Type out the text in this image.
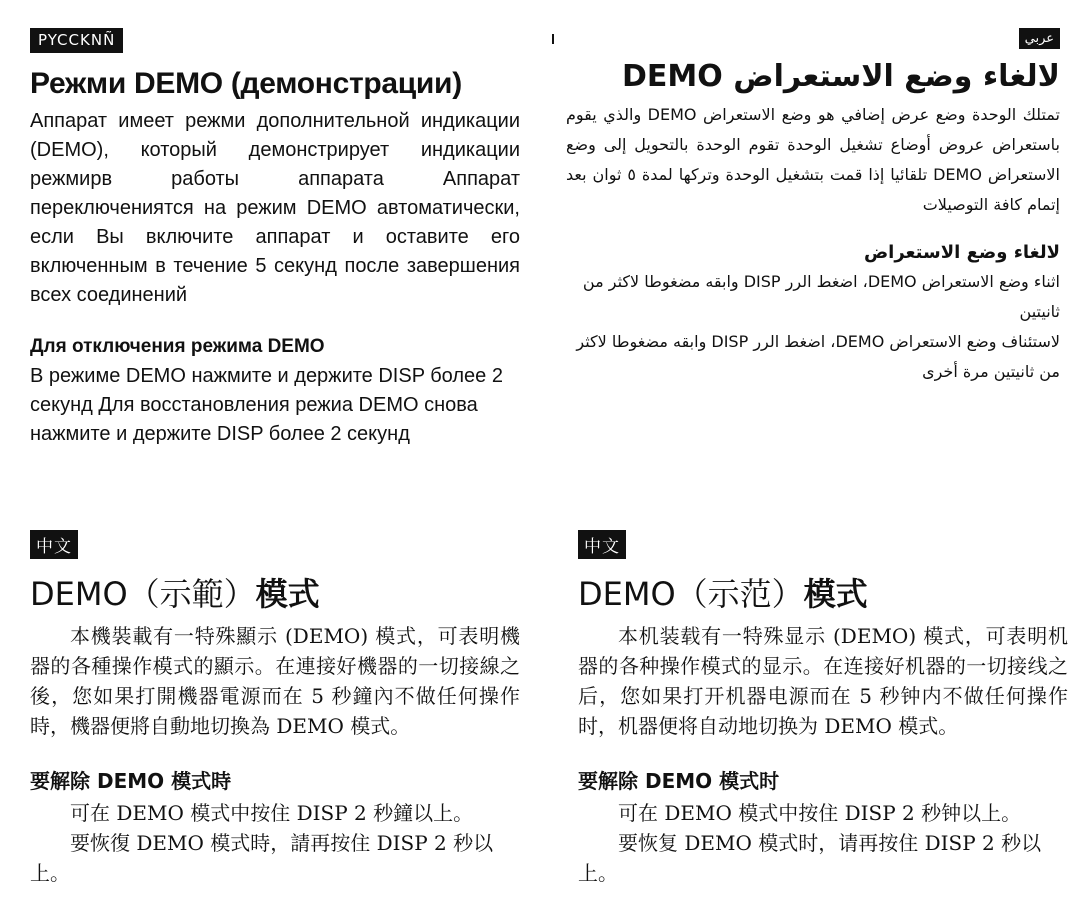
PYCCKNÑ
Режми DEMO (демонстрации)

Аппарат имеет режми дополнительной индикации (DEMO), который демонстрирует индикации режмирв работы аппарата Аппарат переключениятся на режим DEMO автоматически, если Вы включите аппарат и оставите его включенным в течение 5 секунд после завершения всех соединений

Для отключения режима DEMO

В режиме DEMO нажмите и держите DISP более 2 секунд Для восстановления режиа DEMO снова нажмите и держите DISP более 2 секунд

عربي
لالغاء وضع الاستعراض DEMO

تمتلك الوحدة وضع عرض إضافي هو وضع الاستعراض DEMO والذي يقوم باستعراض عروض أوضاع تشغيل الوحدة تقوم الوحدة بالتحويل إلى وضع الاستعراض DEMO تلقائيا إذا قمت بتشغيل الوحدة وتركها لمدة ٥ ثوان بعد إتمام كافة التوصيلات

لالغاء وضع الاستعراض

اثناء وضع الاستعراض DEMO، اضغط الرر DISP وابقه مضغوطا لاكثر من ثانيتين

لاستئناف وضع الاستعراض DEMO، اضغط الرر DISP وابقه مضغوطا لاكثر من ثانيتين مرة أخرى

中文
DEMO（示範）模式

本機裝載有一特殊顯示 (DEMO) 模式，可表明機器的各種操作模式的顯示。在連接好機器的一切接線之後，您如果打開機器電源而在 5 秒鐘內不做任何操作時，機器便將自動地切換為 DEMO 模式。

要解除 DEMO 模式時

可在 DEMO 模式中按住 DISP 2 秒鐘以上。

要恢復 DEMO 模式時，請再按住 DISP 2 秒以上。

中文
DEMO（示范）模式

本机装载有一特殊显示 (DEMO) 模式，可表明机器的各种操作模式的显示。在连接好机器的一切接线之后，您如果打开机器电源而在 5 秒钟内不做任何操作时，机器便将自动地切换为 DEMO 模式。

要解除 DEMO 模式时

可在 DEMO 模式中按住 DISP 2 秒钟以上。

要恢复 DEMO 模式时，请再按住 DISP 2 秒以上。
